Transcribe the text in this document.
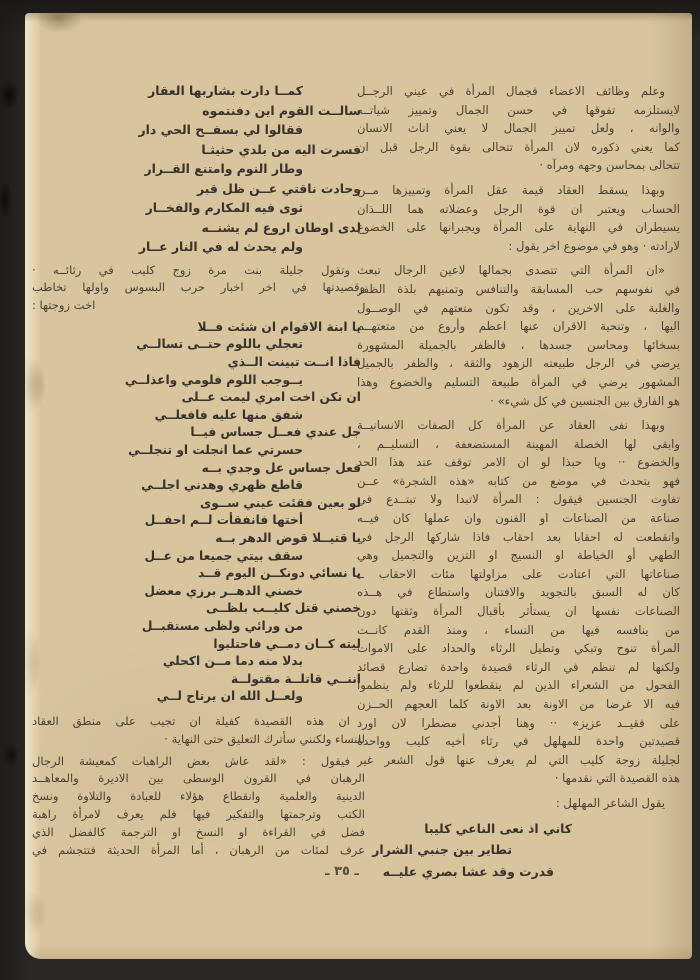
وعلم وظائف الاعضاء فجمال المرأة في عيني الرجــل
لايستلزمه تفوقها في حسن الجمال وتمييز شياتــه
والوانه ، ولعل تمييز الجمال لا يعني اناث الانسان
كما يعني ذكوره لان المرأة تتحالى بقوة الرجل قبل ان
تتحالى بمحاسن وجهه ومرآه ·
وبهذا يسقط العقاد قيمة عقل المرأة وتمييزها مــن
الحساب ويعتبر ان قوة الرجل وعضلاته هما اللــذان
يسيطران في النهاية على المرأة ويجبرانها على الخضوع
لارادته · وهو في موضوع اخر يقول :
«ان المرأة التي تتصدى بجمالها لاعين الرجال تبعث
في نفوسهم حب المسابقة والتنافس وتمنيهم بلذة الظفر
والغلبة على الاخرين ، وقد تكون متعتهم في الوصــول
اليها ، وتنحية الاقران عنها اعظم وأروع من متعتهــم
بسخائها ومحاسن جسدها ، فالظفر بالجميلة المشهورة
يرضي في الرجل طبيعته الزهود والثقة ، والظفر بالجميل
المشهور يرضي في المرأة طبيعة التسليم والخضوع وهذا
هو الفارق بين الجنسين في كل شيء» ·
وبهذا نفى العقاد عن المرأة كل الصفات الانسانيــة
وابقى لها الخصلة المهينة المستضعفة ، التسليــم ،
والخضوع ·· ويا حبذا لو ان الامر توقف عند هذا الحد
فهو يتحدث في موضع من كتابه «هذه الشجرة» عــن
تفاوت الجنسين فيقول : المرأة لاتبدا ولا تبتــدع في
صناعة من الصناعات او الفنون وان عملها كان فيــه
وانقطعت له احقابا بعد احقاب فاذا شاركها الرجل في
الطهي أو الخياطة او النسيج او التزين والتجميل وهي
صناعاتها التي اعتادت على مزاولتها مئات الاحقاب ــ
كان له السبق بالتجويد والافتنان واستطاع في هــذه
الصناعات نفسها ان يستأثر بأقبال المرأة وثقتها دون
من ينافسه فيها من النساء ، ومنذ القدم كانــت
المرأة تنوح وتبكي وتطيل الرثاء والحداد على الاموات
ولكنها لم تنظم في الرثاء قصيدة واحدة تضارع قصائد
الفحول من الشعراء الذين لم ينقطعوا للرثاء ولم ينظموا
فيه الا غرضا من الاونة بعد الاونة كلما العجهم الحــزن
على فقيــد عزيز» ·· وهنا أجدني مضطرا لان اورد
قصيدتين واحدة للمهلهل في رثاء أخيه كليب وواحدة
لجليلة زوجة كليب التي لم يعرف عنها قول الشعر غير
هذه القصيدة التي نقدمها ·
يقول الشاعر المهلهل :
كاني اذ نعى الناعي كليبا
تطاير بين جنبي الشرار
قدرت وقد عشا بصري عليــه
كمــا دارت بشاربها العقار
سالــت القوم اين دفنتموه
فقالوا لي بسفــح الحي دار
فسرت اليه من بلدي حثيثـا
وطار النوم وامتنع القــرار
وحادت ناقتي عــن ظل قبر
ثوى فيه المكارم والفخــار
لدى اوطان اروع لم يشنــه
ولم يحدث له في النار عــار
وتقول جليلة بنت مرة زوج كليب في رثائــه ·
وقصيدتها في اخر اخبار حرب البسوس واولها تخاطب
اخت زوجتها :
يا ابنة الاقوام ان شئت فــلا
تعجلي باللوم حتــى تسالــي
فاذا انــت تبينت الــذي
يــوجب اللوم فلومي واعذلــي
ان تكن اخت امري ليمت عــلى
شفق منها عليه فافعلــي
جل عندي فعــل جساس فيــا
حسرتي عما انجلت او تنجلــي
فعل جساس عل وجدي بــه
قاطع ظهري وهدني اجلــي
لو بعين فقئت عيني ســوى
أختها فانفقأت لــم احفــل
يا قتيــلا قوض الدهر بــه
سقف بيتي جميعا من عــل
يا نسائي دونكــن اليوم قــد
خصني الدهــر برزي معضل
خصني قتل كليــب بلظــى
من ورائي ولظى مستقبــل
ليته كــان دمــي فاحتلبوا
بدلا منه دما مــن اكحلي
اننــي قاتلــة مقتولــة
ولعــل الله ان يرتاح لــي
ان هذه القصيدة كفيلة ان تجيب على منطق العقاد
للنساء ولكنني سأترك التعليق حتى النهاية ·
فيقول : «لقد عاش بعض الراهبات كمعيشة الرجال
الرهبان في القرون الوسطى بين الاديرة والمعاهــد
الدينية والعلمية وانقطاع هؤلاء للعبادة والتلاوة ونسخ
الكتب وترجمتها والتفكير فيها فلم يعرف لامرأة راهبة
فضل في القراءة او النسخ او الترجمة كالفضل الذي
عرف لمئات من الرهبان ، أما المرأة الحديثة فتتجشم في
ـ ٣٥ ـ
